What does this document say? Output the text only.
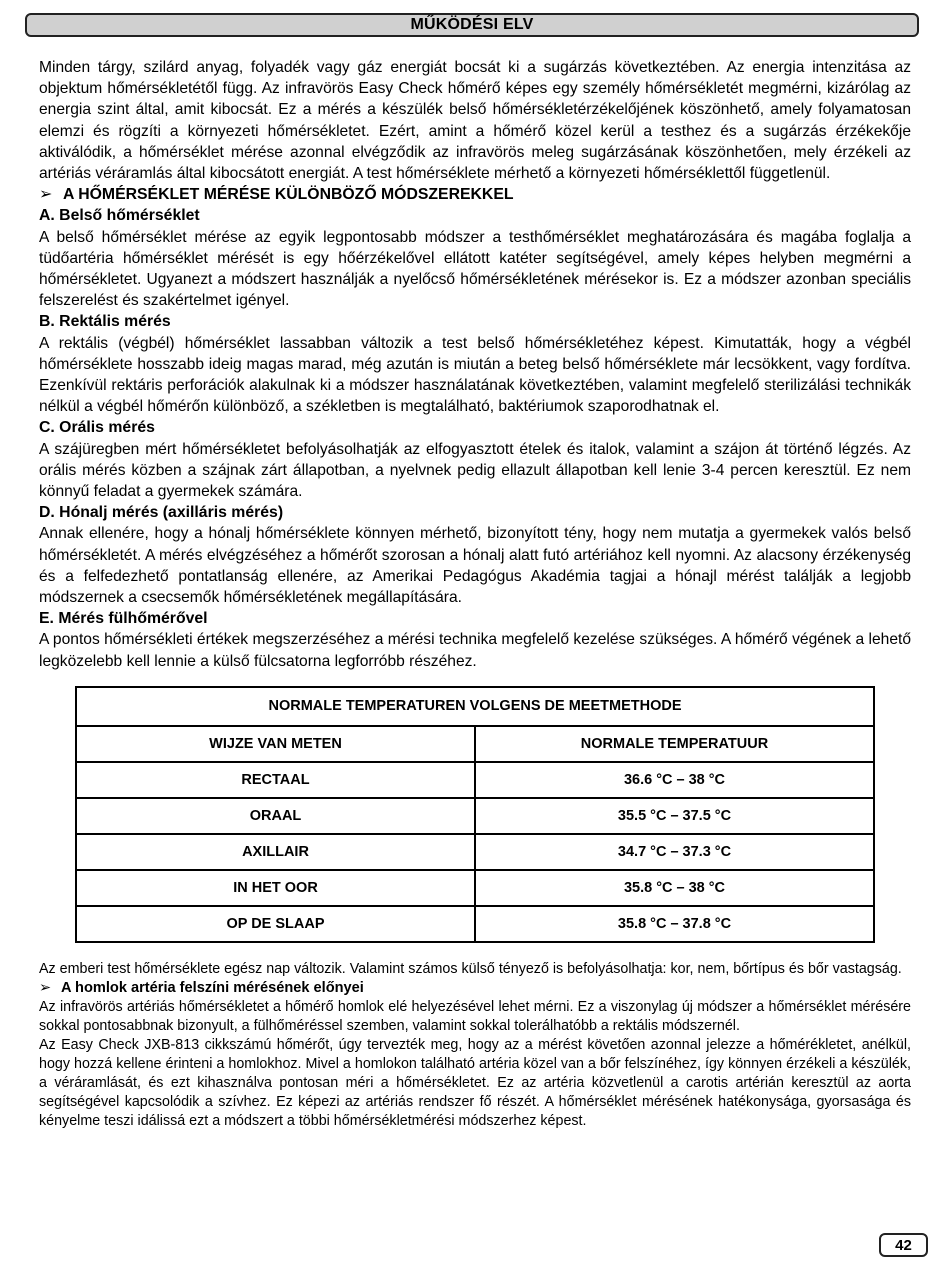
MŰKÖDÉSI ELV

Minden tárgy, szilárd anyag, folyadék vagy gáz energiát bocsát ki a sugárzás következtében. Az energia intenzitása az objektum hőmérsékletétől függ. Az infravörös Easy Check hőmérő képes egy személy hőmérsékletét megmérni, kizárólag az energia szint által, amit kibocsát. Ez a mérés a készülék belső hőmérsékletérzékelőjének köszönhető, amely folyamatosan elemzi és rögzíti a környezeti hőmérsékletet. Ezért, amint a hőmérő közel kerül a testhez és a sugárzás érzékekője aktiválódik, a hőmérséklet mérése azonnal elvégződik az infravörös meleg sugárzásának köszönhetően, mely érzékeli az artériás véráramlás által kibocsátott energiát. A test hőmérséklete mérhető a környezeti hőmérséklettől függetlenül.

➢ A HŐMÉRSÉKLET MÉRÉSE KÜLÖNBÖZŐ MÓDSZEREKKEL

A. Belső hőmérséklet

A belső hőmérséklet mérése az egyik legpontosabb módszer a testhőmérséklet meghatározására és magába foglalja a tüdőartéria hőmérséklet mérését is egy hőérzékelővel ellátott katéter segítségével, amely képes helyben megmérni a hőmérsékletet. Ugyanezt a módszert használják a nyelőcső hőmérsékletének mérésekor is. Ez a módszer azonban speciális felszerelést és szakértelmet igényel.

B. Rektális mérés

A rektális (végbél) hőmérséklet lassabban változik a test belső hőmérsékletéhez képest. Kimutatták, hogy a végbél hőmérséklete hosszabb ideig magas marad, még azután is miután a beteg belső hőmérséklete már lecsökkent, vagy fordítva. Ezenkívül rektáris perforációk alakulnak ki a módszer használatának következtében, valamint megfelelő sterilizálási technikák nélkül a végbél hőmérőn különböző, a székletben is megtalálható, baktériumok szaporodhatnak el.

C. Orális mérés

A szájüregben mért hőmérsékletet befolyásolhatják az elfogyasztott ételek és italok, valamint a szájon át történő légzés. Az orális mérés közben a szájnak zárt állapotban, a nyelvnek pedig ellazult állapotban kell lenie 3-4 percen keresztül. Ez nem könnyű feladat a gyermekek számára.

D. Hónalj mérés (axilláris mérés)

Annak ellenére, hogy a hónalj hőmérséklete könnyen mérhető, bizonyított tény, hogy nem mutatja a gyermekek valós belső hőmérsékletét. A mérés elvégzéséhez a hőmérőt szorosan a hónalj alatt futó artériához kell nyomni. Az alacsony érzékenység és a felfedezhető pontatlanság ellenére, az Amerikai Pedagógus Akadémia tagjai a hónajl mérést találják a legjobb módszernek a csecsemők hőmérsékletének megállapítására.

E. Mérés fülhőmérővel

A pontos hőmérsékleti értékek megszerzéséhez a mérési technika megfelelő kezelése szükséges. A hőmérő végének a lehető legközelebb kell lennie a külső fülcsatorna legforróbb részéhez.

NORMALE TEMPERATUREN VOLGENS DE MEETMETHODE	
WIJZE VAN METEN	NORMALE TEMPERATUUR
RECTAAL	36.6 °C – 38 °C
ORAAL	35.5 °C – 37.5 °C
AXILLAIR	34.7 °C – 37.3 °C
IN HET OOR	35.8 °C – 38 °C
OP DE SLAAP	35.8 °C – 37.8 °C

Az emberi test hőmérséklete egész nap változik. Valamint számos külső tényező is befolyásolhatja: kor, nem, bőrtípus és bőr vastagság.

➢ A homlok artéria felszíni mérésének előnyei

Az infravörös artériás hőmérsékletet a hőmérő homlok elé helyezésével lehet mérni. Ez a viszonylag új módszer a hőmérséklet mérésére sokkal pontosabbnak bizonyult, a fülhőméréssel szemben, valamint sokkal tolerálhatóbb a rektális módszernél.

Az Easy Check JXB-813 cikkszámú hőmérőt, úgy tervezték meg, hogy az a mérést követően azonnal jelezze a hőmérékletet, anélkül, hogy hozzá kellene érinteni a homlokhoz. Mivel a homlokon található artéria közel van a bőr felszínéhez, így könnyen érzékeli a készülék, a véráramlását, és ezt kihasználva pontosan méri a hőmérsékletet. Ez az artéria közvetlenül a carotis artérián keresztül az aorta segítségével kapcsolódik a szívhez. Ez képezi az artériás rendszer fő részét. A hőmérséklet mérésének hatékonysága, gyorsasága és kényelme teszi idálissá ezt a módszert a többi hőmérsékletmérési módszerhez képest.

42
